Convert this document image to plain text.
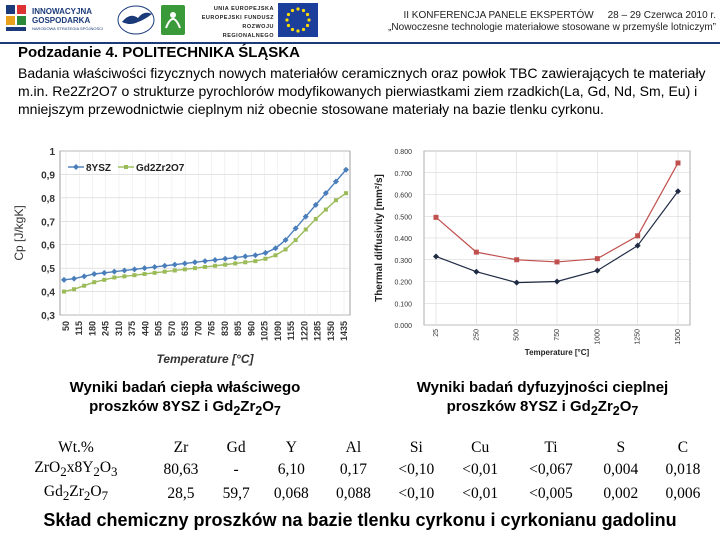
INNOWACYJNA
GOSPODARKA
NARODOWA STRATEGIA SPÓJNOŚCI
UNIA EUROPEJSKA
EUROPEJSKI FUNDUSZ
ROZWOJU REGIONALNEGO
II KONFERENCJA PANELE EKSPERTÓW     28 – 29 Czerwca 2010 r.
„Nowoczesne technologie materiałowe stosowane w przemyśle lotniczym”
Podzadanie 4. POLITECHNIKA ŚLĄSKA
Badania właściwości fizycznych nowych materiałów ceramicznych oraz powłok TBC zawierających te materiały m.in. Re2Zr2O7 o strukturze pyrochlorów modyfikowanych pierwiastkami ziem rzadkich(La, Gd, Nd, Sm, Eu) i mniejszym przewodnictwie cieplnym niż obecnie stosowane materiały na bazie tlenku cyrkonu.
0,3
0,4
0,5
0,6
0,7
0,8
0,9
1
50 115 180 245 310 375 440 505 570 635 700 765 830 895 960 1025 1090 1155 1220 1285 1350 1435
8YSZ Gd2Zr2O7
Cp [J/kgK]
Temperature [°C]
0.000
0.100
0.200
0.300
0.400
0.500
0.600
0.700
0.800
25	250	500	750	1000	1250	1500
Thermal diffusivity [mm²/s]
Temperature [°C]
Wyniki badań ciepła właściwego
proszków 8YSZ i $Gd_2Zr_2O_7$
Wyniki badań dyfuzyjności cieplnej
proszków 8YSZ i $Gd_2Zr_2O_7$
Wt.%	Zr	Gd	Y	Al	Si	Cu	Ti	S	C
$ZrO_2x8Y_2O_3$	80,63	-	6,10	0,17	<0,10	<0,01	<0,067	0,004	0,018
$Gd_2Zr_2O_7$	28,5	59,7	0,068	0,088	<0,10	<0,01	<0,005	0,002	0,006
Skład chemiczny proszków na bazie tlenku cyrkonu i cyrkonianu gadolinu
